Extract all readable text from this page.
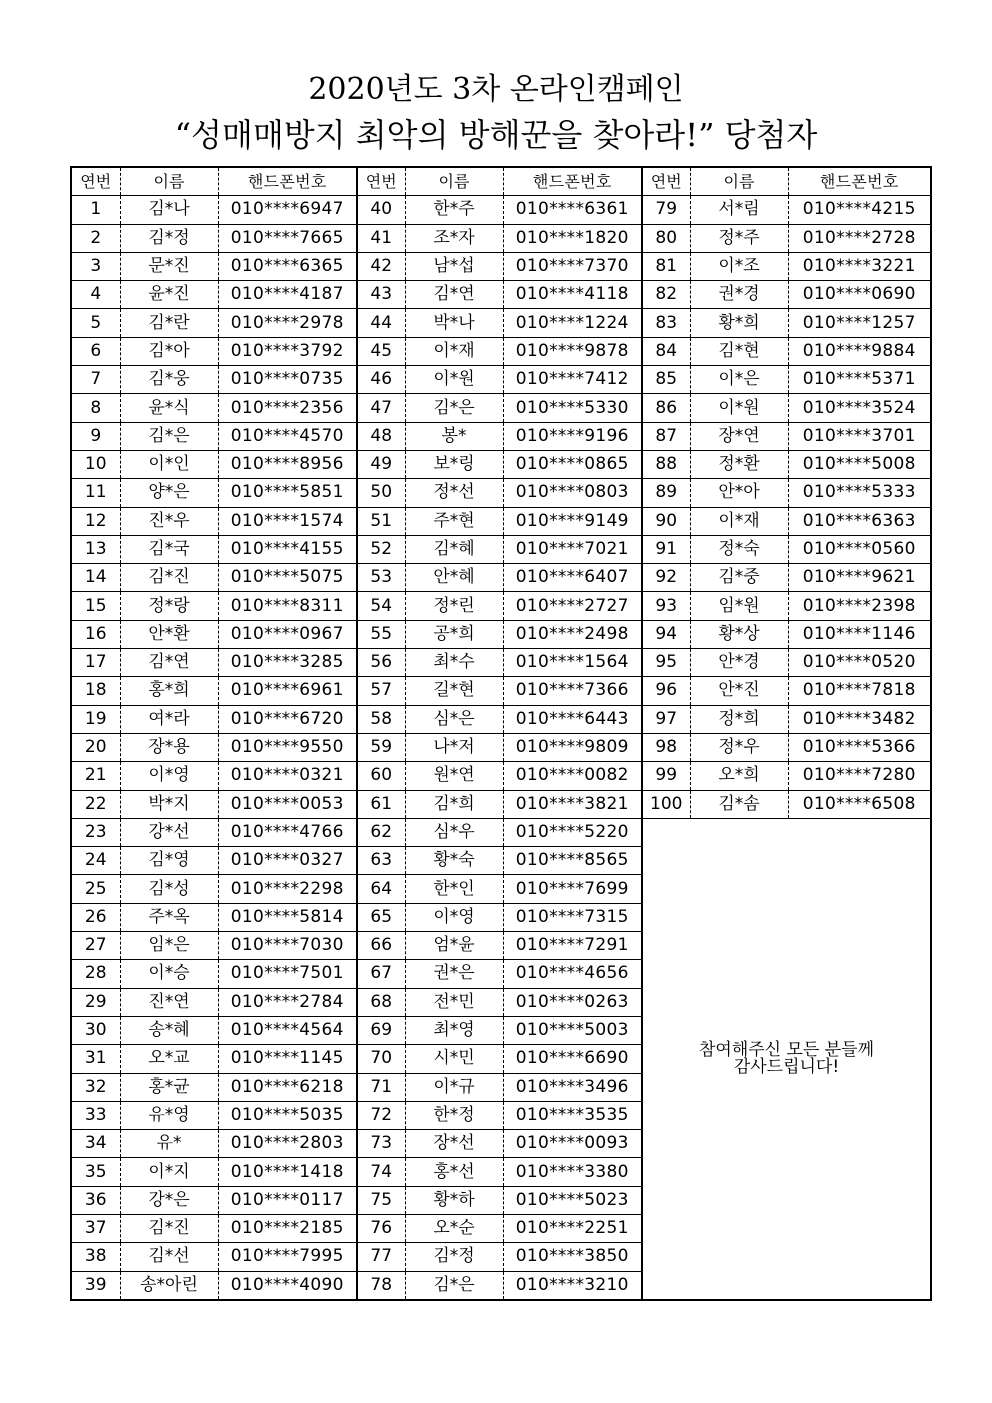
2020년도 3차 온라인캠페인
“성매매방지 최악의 방해꾼을 찾아라!” 당첨자
연번	이름	핸드폰번호	연번	이름	핸드폰번호	연번	이름	핸드폰번호
1	김*나	010****6947	40	한*주	010****6361	79	서*림	010****4215
2	김*정	010****7665	41	조*자	010****1820	80	정*주	010****2728
3	문*진	010****6365	42	남*섭	010****7370	81	이*조	010****3221
4	윤*진	010****4187	43	김*연	010****4118	82	권*경	010****0690
5	김*란	010****2978	44	박*나	010****1224	83	황*희	010****1257
6	김*아	010****3792	45	이*재	010****9878	84	김*현	010****9884
7	김*웅	010****0735	46	이*원	010****7412	85	이*은	010****5371
8	윤*식	010****2356	47	김*은	010****5330	86	이*원	010****3524
9	김*은	010****4570	48	봉*	010****9196	87	장*연	010****3701
10	이*인	010****8956	49	보*링	010****0865	88	정*환	010****5008
11	양*은	010****5851	50	정*선	010****0803	89	안*아	010****5333
12	진*우	010****1574	51	주*현	010****9149	90	이*재	010****6363
13	김*국	010****4155	52	김*혜	010****7021	91	정*숙	010****0560
14	김*진	010****5075	53	안*혜	010****6407	92	김*중	010****9621
15	정*랑	010****8311	54	정*린	010****2727	93	임*원	010****2398
16	안*환	010****0967	55	공*희	010****2498	94	황*상	010****1146
17	김*연	010****3285	56	최*수	010****1564	95	안*경	010****0520
18	홍*희	010****6961	57	길*현	010****7366	96	안*진	010****7818
19	여*라	010****6720	58	심*은	010****6443	97	정*희	010****3482
20	장*용	010****9550	59	나*저	010****9809	98	정*우	010****5366
21	이*영	010****0321	60	원*연	010****0082	99	오*희	010****7280
22	박*지	010****0053	61	김*희	010****3821	100	김*솜	010****6508
23	강*선	010****4766	62	심*우	010****5220	참여해주신 모든 분들께
감사드립니다!		

24	김*영	010****0327	63	황*숙	010****8565			
25	김*성	010****2298	64	한*인	010****7699			
26	주*옥	010****5814	65	이*영	010****7315			
27	임*은	010****7030	66	엄*윤	010****7291			
28	이*승	010****7501	67	권*은	010****4656			
29	진*연	010****2784	68	전*민	010****0263			
30	송*혜	010****4564	69	최*영	010****5003			
31	오*교	010****1145	70	시*민	010****6690			
32	홍*균	010****6218	71	이*규	010****3496			
33	유*영	010****5035	72	한*정	010****3535			
34	유*	010****2803	73	장*선	010****0093			
35	이*지	010****1418	74	홍*선	010****3380			
36	강*은	010****0117	75	황*하	010****5023			
37	김*진	010****2185	76	오*순	010****2251			
38	김*선	010****7995	77	김*정	010****3850			
39	송*아린	010****4090	78	김*은	010****3210			
